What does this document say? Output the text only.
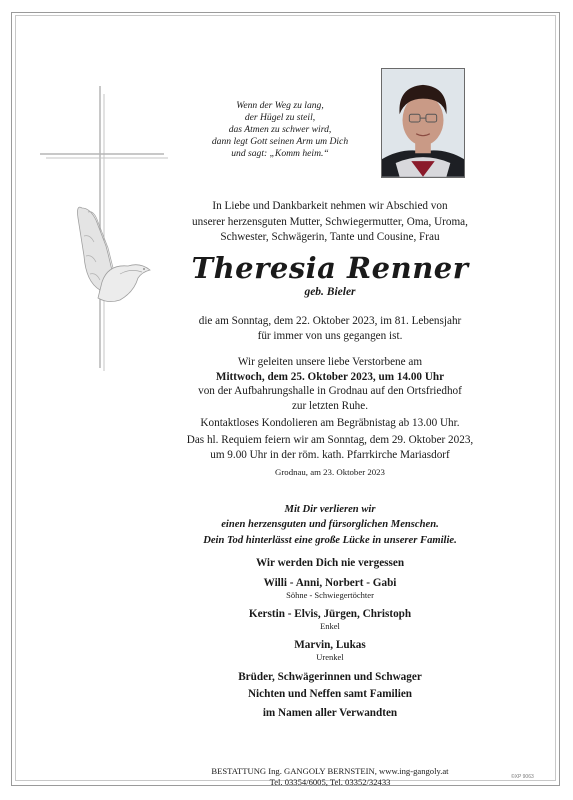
Wenn der Weg zu lang,
der Hügel zu steil,
das Atmen zu schwer wird,
dann legt Gott seinen Arm um Dich
und sagt: „Komm heim.“
In Liebe und Dankbarkeit nehmen wir Abschied von
unserer herzensguten Mutter, Schwiegermutter, Oma, Uroma,
Schwester, Schwägerin, Tante und Cousine, Frau
Theresia Renner
geb. Bieler
die am Sonntag, dem 22. Oktober 2023, im 81. Lebensjahr
für immer von uns gegangen ist.
Wir geleiten unsere liebe Verstorbene am
Mittwoch, dem 25. Oktober 2023, um 14.00 Uhr
von der Aufbahrungshalle in Grodnau auf den Ortsfriedhof
zur letzten Ruhe.
Kontaktloses Kondolieren am Begräbnistag ab 13.00 Uhr.
Das hl. Requiem feiern wir am Sonntag, dem 29. Oktober 2023,
um 9.00 Uhr in der röm. kath. Pfarrkirche Mariasdorf
Grodnau, am 23. Oktober 2023
Mit Dir verlieren wir
einen herzensguten und fürsorglichen Menschen.
Dein Tod hinterlässt eine große Lücke in unserer Familie.
Wir werden Dich nie vergessen
Willi - Anni, Norbert - Gabi
Söhne - Schwiegertöchter
Kerstin - Elvis, Jürgen, Christoph
Enkel
Marvin, Lukas
Urenkel
Brüder, Schwägerinnen und Schwager
Nichten und Neffen samt Familien
im Namen aller Verwandten
BESTATTUNG Ing. GANGOLY BERNSTEIN, www.ing-gangoly.at
Tel. 03354/6005, Tel. 03352/32433	©XP 9063
